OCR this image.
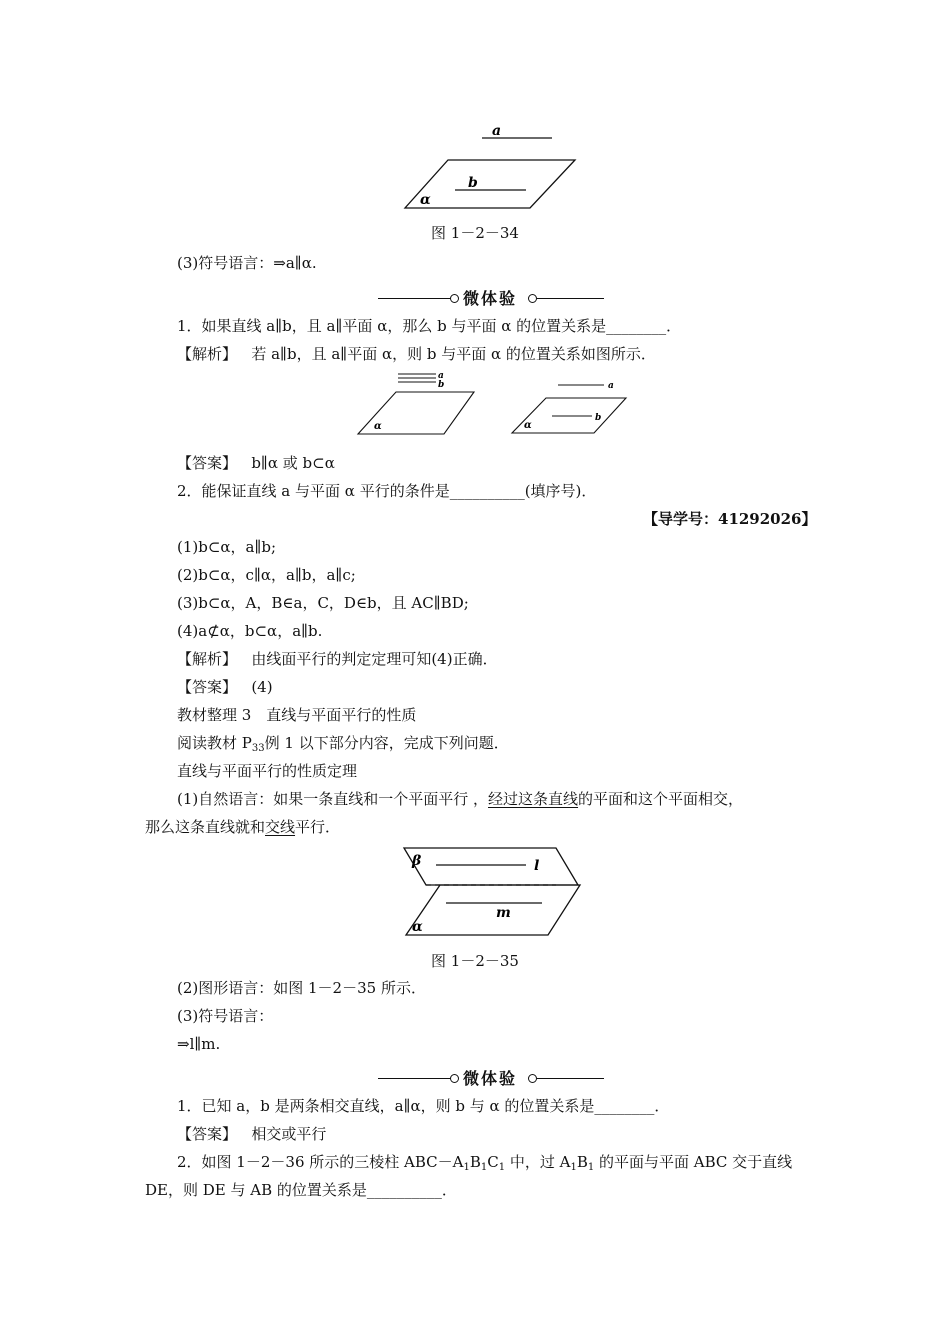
a
b
α
图 1－2－34
(3)符号语言：⇒a∥α.
微体验
1．如果直线 a∥b，且 a∥平面 α，那么 b 与平面 α 的位置关系是________．
【解析】 若 a∥b，且 a∥平面 α，则 b 与平面 α 的位置关系如图所示．
a
b
α
a
b
α
【答案】 b∥α 或 b⊂α
2．能保证直线 a 与平面 α 平行的条件是__________(填序号)．
【导学号：41292026】
(1)b⊂α，a∥b;
(2)b⊂α，c∥α，a∥b，a∥c;
(3)b⊂α，A，B∈a，C，D∈b，且 AC∥BD;
(4)a⊄α，b⊂α，a∥b.
【解析】 由线面平行的判定定理可知(4)正确．
【答案】 (4)
教材整理 3　直线与平面平行的性质
阅读教材 $P_{33}$例 1 以下部分内容，完成下列问题．
直线与平面平行的性质定理
(1)自然语言：如果一条直线和一个平面平行 ，经过这条直线的平面和这个平面相交，
那么这条直线就和交线平行．
β	l
m
α
图 1－2－35
(2)图形语言：如图 1－2－35 所示．
(3)符号语言：
⇒l∥m.
微体验
1．已知 a，b 是两条相交直线，a∥α，则 b 与 α 的位置关系是________．
【答案】 相交或平行
2．如图 1－2－36 所示的三棱柱 $ABC-A_1B_1C_1$ 中，过 $A_1B_1$ 的平面与平面 ABC 交于直线
DE，则 DE 与 AB 的位置关系是__________．
